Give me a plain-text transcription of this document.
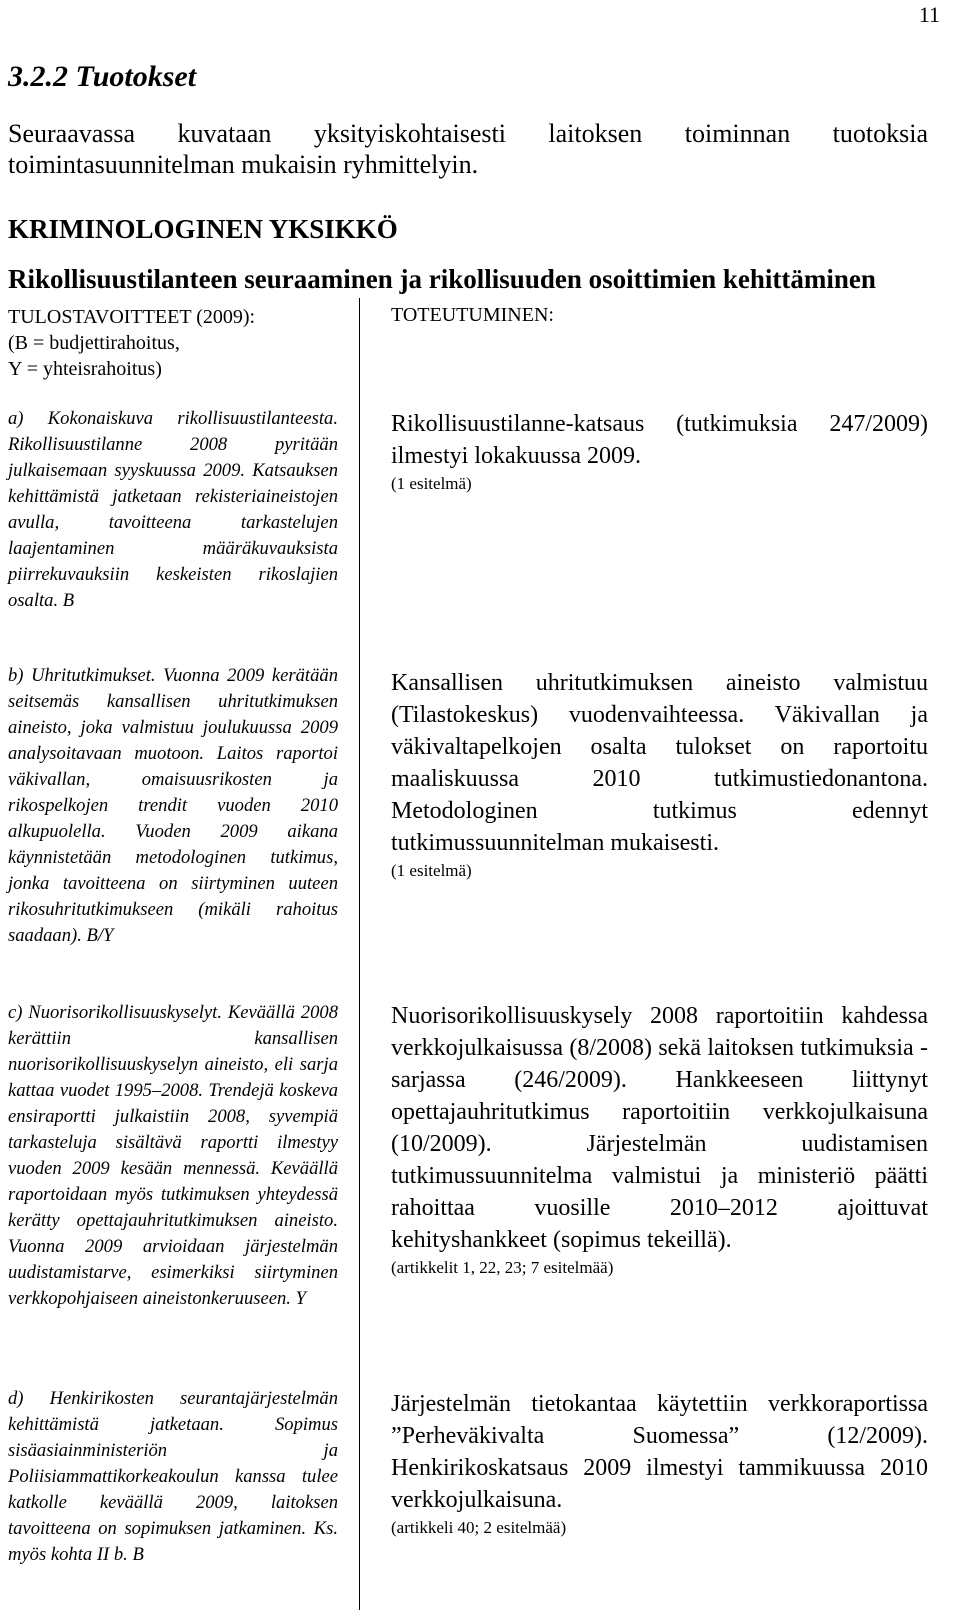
11
3.2.2 Tuotokset
Seuraavassa kuvataan yksityiskohtaisesti laitoksen toiminnan tuotoksia toimintasuunnitelman mukaisin ryhmittelyin.
KRIMINOLOGINEN YKSIKKÖ
Rikollisuustilanteen seuraaminen ja rikollisuuden osoittimien kehittäminen
TULOSTAVOITTEET (2009):
(B = budjettirahoitus,
Y = yhteisrahoitus)
TOTEUTUMINEN:
a) Kokonaiskuva rikollisuustilanteesta. Rikollisuustilanne 2008 pyritään julkaisemaan syyskuussa 2009. Katsauksen kehittämistä jatketaan rekisteriaineistojen avulla, tavoitteena tarkastelujen laajentaminen määräkuvauksista piirrekuvauksiin keskeisten rikoslajien osalta. B
Rikollisuustilanne-katsaus (tutkimuksia 247/2009) ilmestyi lokakuussa 2009.
(1 esitelmä)
b) Uhritutkimukset. Vuonna 2009 kerätään seitsemäs kansallisen uhritutkimuksen aineisto, joka valmistuu joulukuussa 2009 analysoitavaan muotoon. Laitos raportoi väkivallan, omaisuusrikosten ja rikospelkojen trendit vuoden 2010 alkupuolella. Vuoden 2009 aikana käynnistetään metodologinen tutkimus, jonka tavoitteena on siirtyminen uuteen rikosuhritutkimukseen (mikäli rahoitus saadaan). B/Y
Kansallisen uhritutkimuksen aineisto valmistuu (Tilastokeskus) vuodenvaihteessa. Väkivallan ja väkivaltapelkojen osalta tulokset on raportoitu maaliskuussa 2010 tutkimustiedonantona. Metodologinen tutkimus edennyt tutkimussuunnitelman mukaisesti.
(1 esitelmä)
c) Nuorisorikollisuuskyselyt. Keväällä 2008 kerättiin kansallisen nuorisorikollisuuskyselyn aineisto, eli sarja kattaa vuodet 1995–2008. Trendejä koskeva ensiraportti julkaistiin 2008, syvempiä tarkasteluja sisältävä raportti ilmestyy vuoden 2009 kesään mennessä. Keväällä raportoidaan myös tutkimuksen yhteydessä kerätty opettajauhritutkimuksen aineisto. Vuonna 2009 arvioidaan järjestelmän uudistamistarve, esimerkiksi siirtyminen verkkopohjaiseen aineistonkeruuseen. Y
Nuorisorikollisuuskysely 2008 raportoitiin kahdessa verkkojulkaisussa (8/2008) sekä laitoksen tutkimuksia -sarjassa (246/2009). Hankkeeseen liittynyt opettajauhritutkimus raportoitiin verkkojulkaisuna (10/2009). Järjestelmän uudistamisen tutkimussuunnitelma valmistui ja ministeriö päätti rahoittaa vuosille 2010–2012 ajoittuvat kehityshankkeet (sopimus tekeillä).
(artikkelit 1, 22, 23; 7 esitelmää)
d) Henkirikosten seurantajärjestelmän kehittämistä jatketaan. Sopimus sisäasiainministeriön ja Poliisiammattikorkeakoulun kanssa tulee katkolle keväällä 2009, laitoksen tavoitteena on sopimuksen jatkaminen. Ks. myös kohta II b. B
Järjestelmän tietokantaa käytettiin verkkoraportissa ”Perheväkivalta Suomessa” (12/2009). Henkirikoskatsaus 2009 ilmestyi tammikuussa 2010 verkkojulkaisuna.
(artikkeli 40; 2 esitelmää)
